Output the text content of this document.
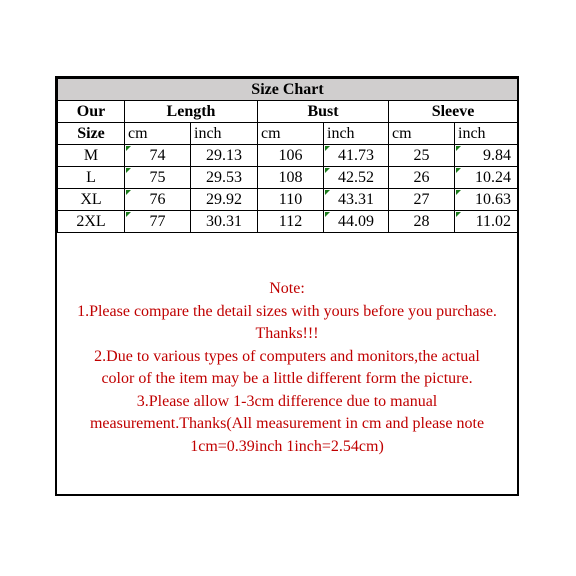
Size Chart						
Our	Length		Bust		Sleeve	
Size	cm	inch	cm	inch	cm	inch
M	74	29.13	106	41.73	25	9.84
L	75	29.53	108	42.52	26	10.24
XL	76	29.92	110	43.31	27	10.63
2XL	77	30.31	112	44.09	28	11.02
Note:
1.Please compare the detail sizes with yours before you purchase.
Thanks!!!
2.Due to various types of computers and monitors,the actual
color of the item may be a little different form the picture.
3.Please allow 1-3cm difference due to manual
measurement.Thanks(All measurement in cm and please note
1cm=0.39inch 1inch=2.54cm)
